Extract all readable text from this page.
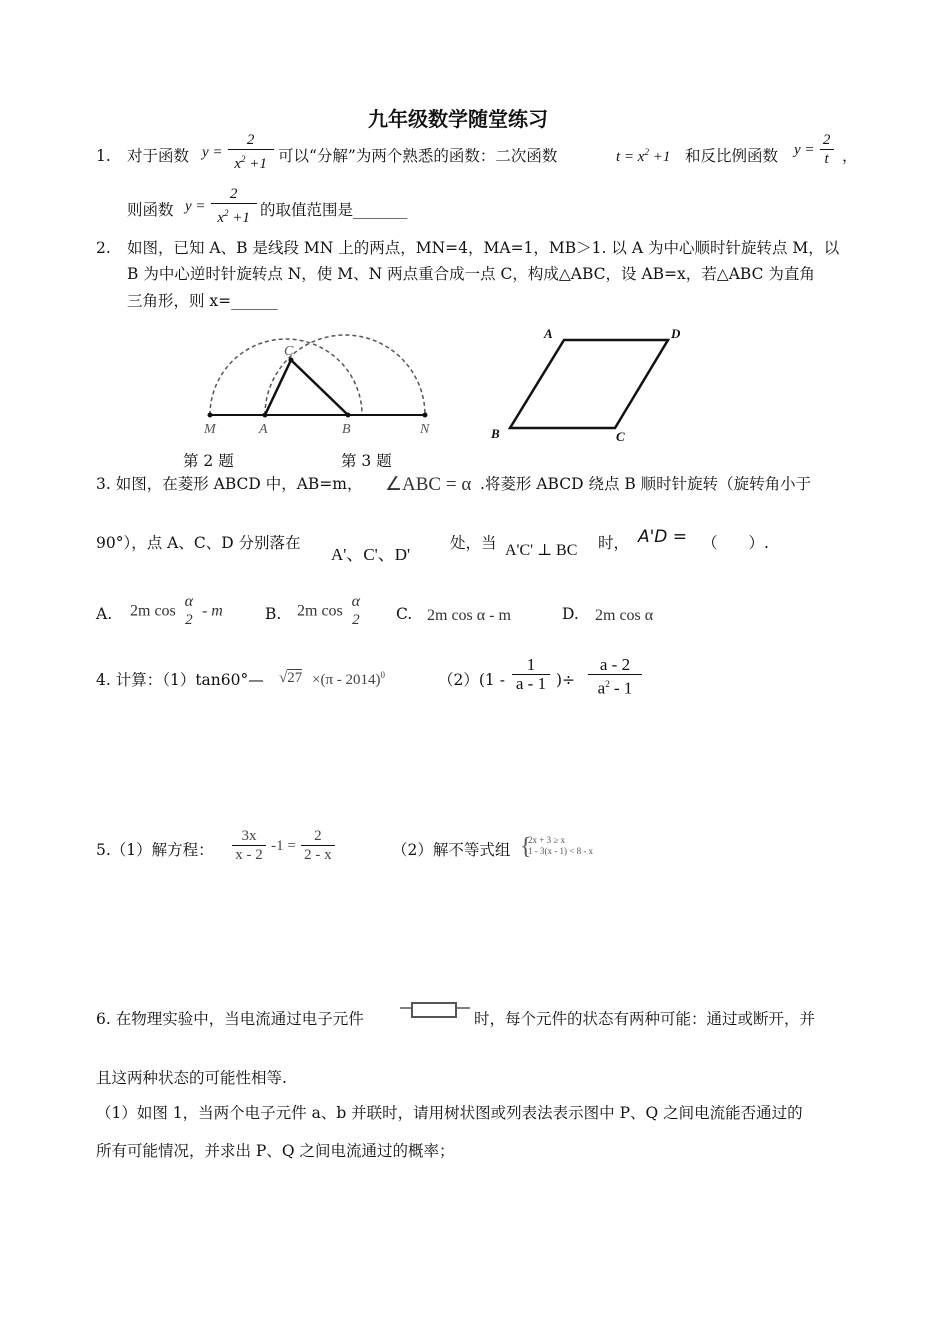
九年级数学随堂练习
1. 对于函数 $y = \frac{2}{x^2 +1}$ 可以“分解”为两个熟悉的函数：二次函数	$t = x^2 +1$ 和反比例函数 $y = \frac{2}{t}$ ，
则函数 $y = \frac{2}{x^2 +1}$ 的取值范围是_______
2. 如图，已知 A、B 是线段 MN 上的两点，MN=4，MA=1，MB＞1. 以 A 为中心顺时针旋转点 M，以
B 为中心逆时针旋转点 N，使 M、N 两点重合成一点 C，构成△ABC，设 AB=x，若△ABC 为直角
三角形，则 x=______
C
M	A	B	N
第 2 题
A	D
B	C
第 3 题
3. 如图，在菱形 ABCD 中，AB=m， ∠ABC = α .将菱形 ABCD 绕点 B 顺时针旋转（旋转角小于
90°），点 A、C、D 分别落在
A'、C'、D'
处，当 A'C' ⊥ BC 时， A'D = （　　）.
A. 2m cos
α
2
- m	B. 2m cos
α
2 C. 2m cos α - m	D. 2m cos α
4. 计算：（1）tan60°— √27 ×(π - 2014)$^0$	$(2)(1 - \frac{1}{a - 1}$ )÷ $\frac{a - 2}{a^2 - 1}$
5.（1）解方程： $\frac{3x}{x - 2} -1 = \frac{2}{2 - x}$	（2）解不等式组 {
2x + 3 ≥ x
1 - 3(x - 1) < 8 - x
6. 在物理实验中，当电流通过电子元件	时，每个元件的状态有两种可能：通过或断开，并
且这两种状态的可能性相等.
（1）如图 1，当两个电子元件 a、b 并联时，请用树状图或列表法表示图中 P、Q 之间电流能否通过的
所有可能情况，并求出 P、Q 之间电流通过的概率；
